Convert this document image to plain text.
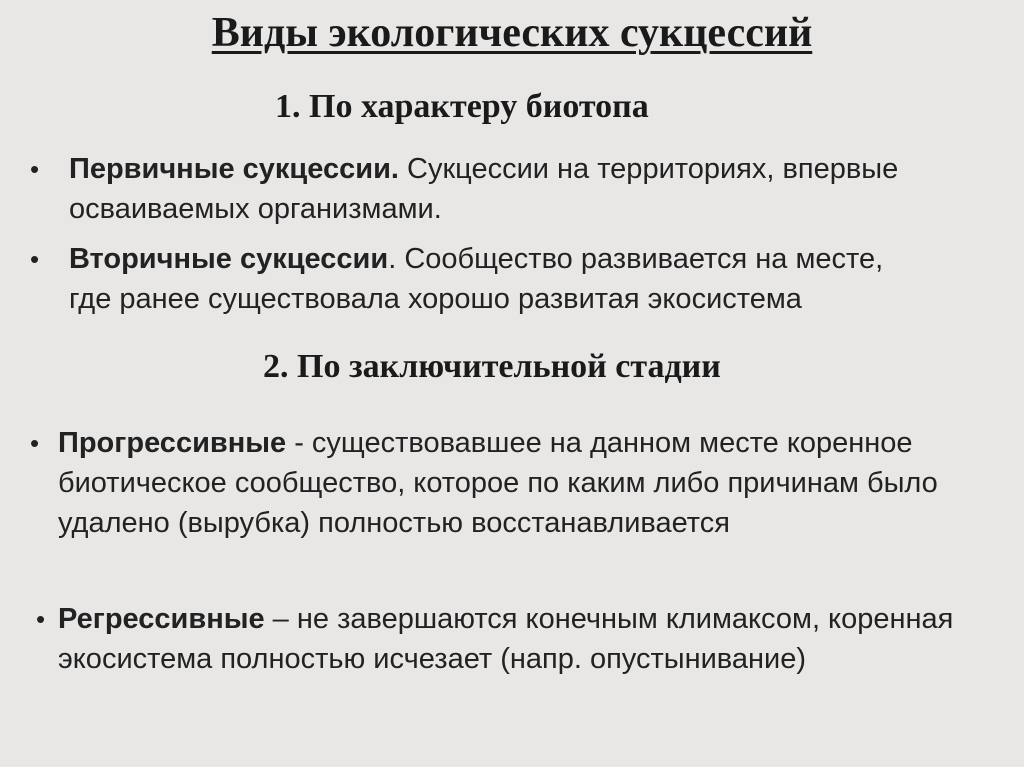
Виды экологических сукцессий
1. По характеру биотопа
• Первичные сукцессии. Сукцессии на территориях, впервые
осваиваемых организмами.
• Вторичные сукцессии. Сообщество развивается на месте,
где ранее существовала хорошо развитая экосистема
2. По заключительной стадии
• Прогрессивные - существовавшее на данном месте коренное
биотическое сообщество, которое по каким либо причинам было
удалено (вырубка) полностью восстанавливается
• Регрессивные – не завершаются конечным климаксом, коренная
экосистема полностью исчезает (напр. опустынивание)
